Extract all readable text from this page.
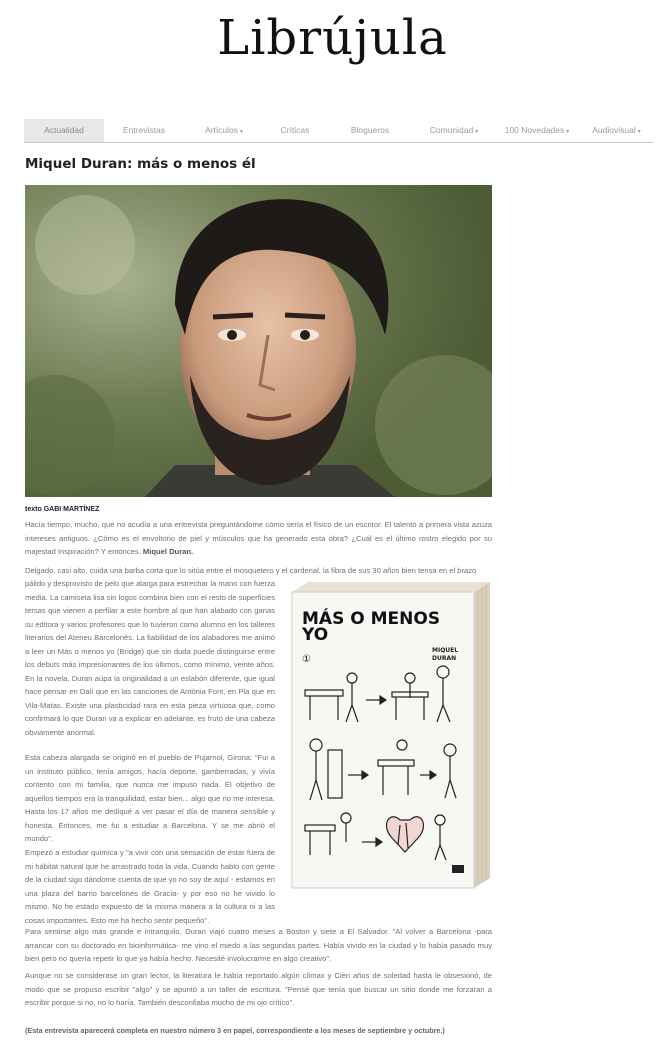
Librújula
Actualidad	Entrevistas	Artículos ▾	Críticas	Blogueros	Comunidad ▾	100 Novedades ▾	Audiovisual ▾
Miquel Duran: más o menos él
texto GABI MARTÍNEZ
Hacía tiempo, mucho, que no acudía a una entrevista preguntándome cómo sería el físico de un escritor. El talento a primera vista azuza intereses antiguos. ¿Cómo es el envoltorio de piel y músculos que ha generado esta obra? ¿Cuál es el último rostro elegido por su majestad Inspiración? Y entonces, Miquel Duran.
Delgado, casi alto, cuida una barba corta que lo sitúa entre el mosquetero y el cardenal, la fibra de sus 30 años bien tensa en el brazo
pálido y desprovisto de pelo que alarga para estrechar la mano con fuerza media. La camiseta lisa sin logos combina bien con el resto de superficies tersas que vienen a perfilar a este hombre al que han alabado con ganas su editora y varios profesores que lo tuvieron como alumno en los talleres literarios del Ateneu Barcelonès. La fiabilidad de los alabadores me animó a leer un Más o menos yo (Bridge) que sin duda puede distinguirse entre los debuts más impresionantes de los últimos, como mínimo, veinte años. En la novela, Duran aúpa la originalidad a un eslabón diferente, que igual hace pensar en Dalí que en las canciones de Antònia Font, en Pla que en Vila-Matas. Existe una plasticidad rara en esta pieza virtuosa que, como confirmará lo que Duran va a explicar en adelante, es fruto de una cabeza obviamente anormal.
Esta cabeza alargada se originó en el pueblo de Pujarnol, Girona: "Fui a un instituto público, tenía amigos, hacía deporte, gamberradas, y vivía contento con mi familia, que nunca me impuso nada. El objetivo de aquellos tiempos era la tranquilidad, estar bien... algo que no me interesa. Hasta los 17 años me dediqué a ver pasar el día de manera sensible y honesta. Entonces, me fui a estudiar a Barcelona. Y se me abrió el mundo".
Empezó a estudiar química y "a vivir con una sensación de estar fuera de mi hábitat natural que he arrastrado toda la vida. Cuando hablo con gente de la ciudad sigo dándome cuenta de que yo no soy de aquí - estamos en una plaza del barrio barcelonés de Gracia- y por eso no he vivido lo mismo. No he estado expuesto de la misma manera a la cultura ni a las cosas importantes. Esto me ha hecho sentir pequeño".
Para sentirse algo más grande e intranquilo, Duran viajó cuatro meses a Boston y siete a El Salvador. "Al volver a Barcelona -para arrancar con su doctorado en bioinformática- me vino el miedo a las segundas partes. Había vivido en la ciudad y lo había pasado muy bien pero no quería repetir lo que ya había hecho. Necesité involucrarme en algo creativo".
Aunque no se considerase un gran lector, la literatura le había reportado algún clímax y Cien años de soledad hasta le obsesionó, de modo que se propuso escribir "algo" y se apuntó a un taller de escritura. "Pensé que tenía que buscar un sitio donde me forzaran a escribir porque si no, no lo haría. También desconfiaba mucho de mi ojo crítico".
(Esta entrevista aparecerá completa en nuestro número 3 en papel, correspondiente a los meses de septiembre y octubre.)
MÁS O MENOS
YO
MIQUEL
DURAN
①
